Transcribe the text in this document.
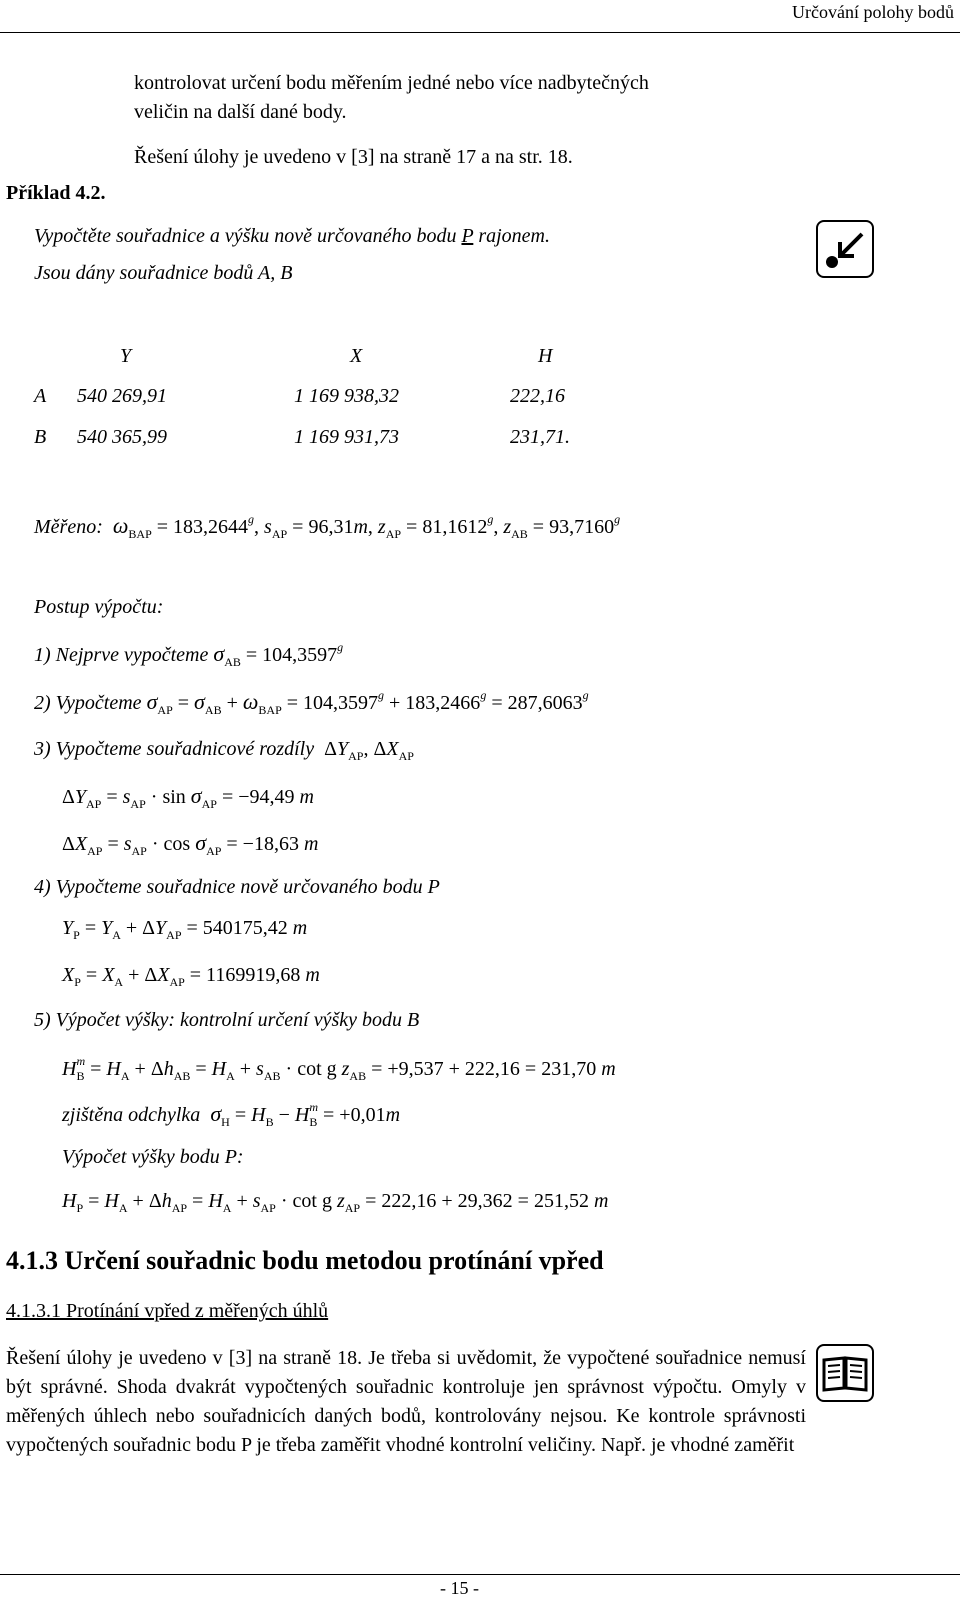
Určování polohy bodů
kontrolovat určení bodu měřením jedné nebo více nadbytečných
veličin na další dané body.
Řešení úlohy je uvedeno v [3] na straně 17 a na str. 18.
Příklad 4.2.
Vypočtěte souřadnice a výšku nově určovaného bodu P rajonem.
Jsou dány souřadnice bodů A, B
Y	X	H
A 540 269,91	1 169 938,32	222,16
B 540 365,99	1 169 931,73	231,71.
Měřeno: $\omega_{BAP} = 183,2644^g$, $s_{AP} = 96,31m$, $z_{AP} = 81,1612^g$, $z_{AB} = 93,7160^g$
Postup výpočtu:
1) Nejprve vypočteme $\sigma_{AB} = 104,3597^g$
2) Vypočteme $\sigma_{AP} = \sigma_{AB} + \omega_{BAP} = 104,3597^g + 183,2466^g = 287,6063^g$
3) Vypočteme souřadnicové rozdíly  $\Delta Y_{AP}$, $\Delta X_{AP}$
$\Delta Y_{AP} = s_{AP} \cdot \sin \sigma_{AP} = -94,49$ m
$\Delta X_{AP} = s_{AP} \cdot \cos \sigma_{AP} = -18,63$ m
4) Vypočteme souřadnice nově určovaného bodu P
$Y_P = Y_A + \Delta Y_{AP} = 540175,42$ m
$X_P = X_A + \Delta X_{AP} = 1169919,68$ m
5) Výpočet výšky: kontrolní určení výšky bodu B
$H_B^m = H_A + \Delta h_{AB} = H_A + s_{AB} \cdot \cot g$ $z_{AB} = +9,537 + 222,16 = 231,70$ m
zjištěna odchylka $\sigma_H = H_B - H_B^m = +0,01m$
Výpočet výšky bodu P:
$H_P = H_A + \Delta h_{AP} = H_A + s_{AP} \cdot \cot g$ $z_{AP} = 222,16 + 29,362 = 251,52$ m
4.1.3 Určení souřadnic bodu metodou protínání vpřed
4.1.3.1 Protínání vpřed z měřených úhlů
Řešení úlohy je uvedeno v [3] na straně 18. Je třeba si uvědomit, že vypočtené souřadnice nemusí být správné. Shoda dvakrát vypočtených souřadnic kontroluje jen správnost výpočtu. Omyly v měřených úhlech nebo souřadnicích daných bodů, kontrolovány nejsou. Ke kontrole správnosti vypočtených souřadnic bodu P je třeba zaměřit vhodné kontrolní veličiny. Např. je vhodné zaměřit
- 15 -
